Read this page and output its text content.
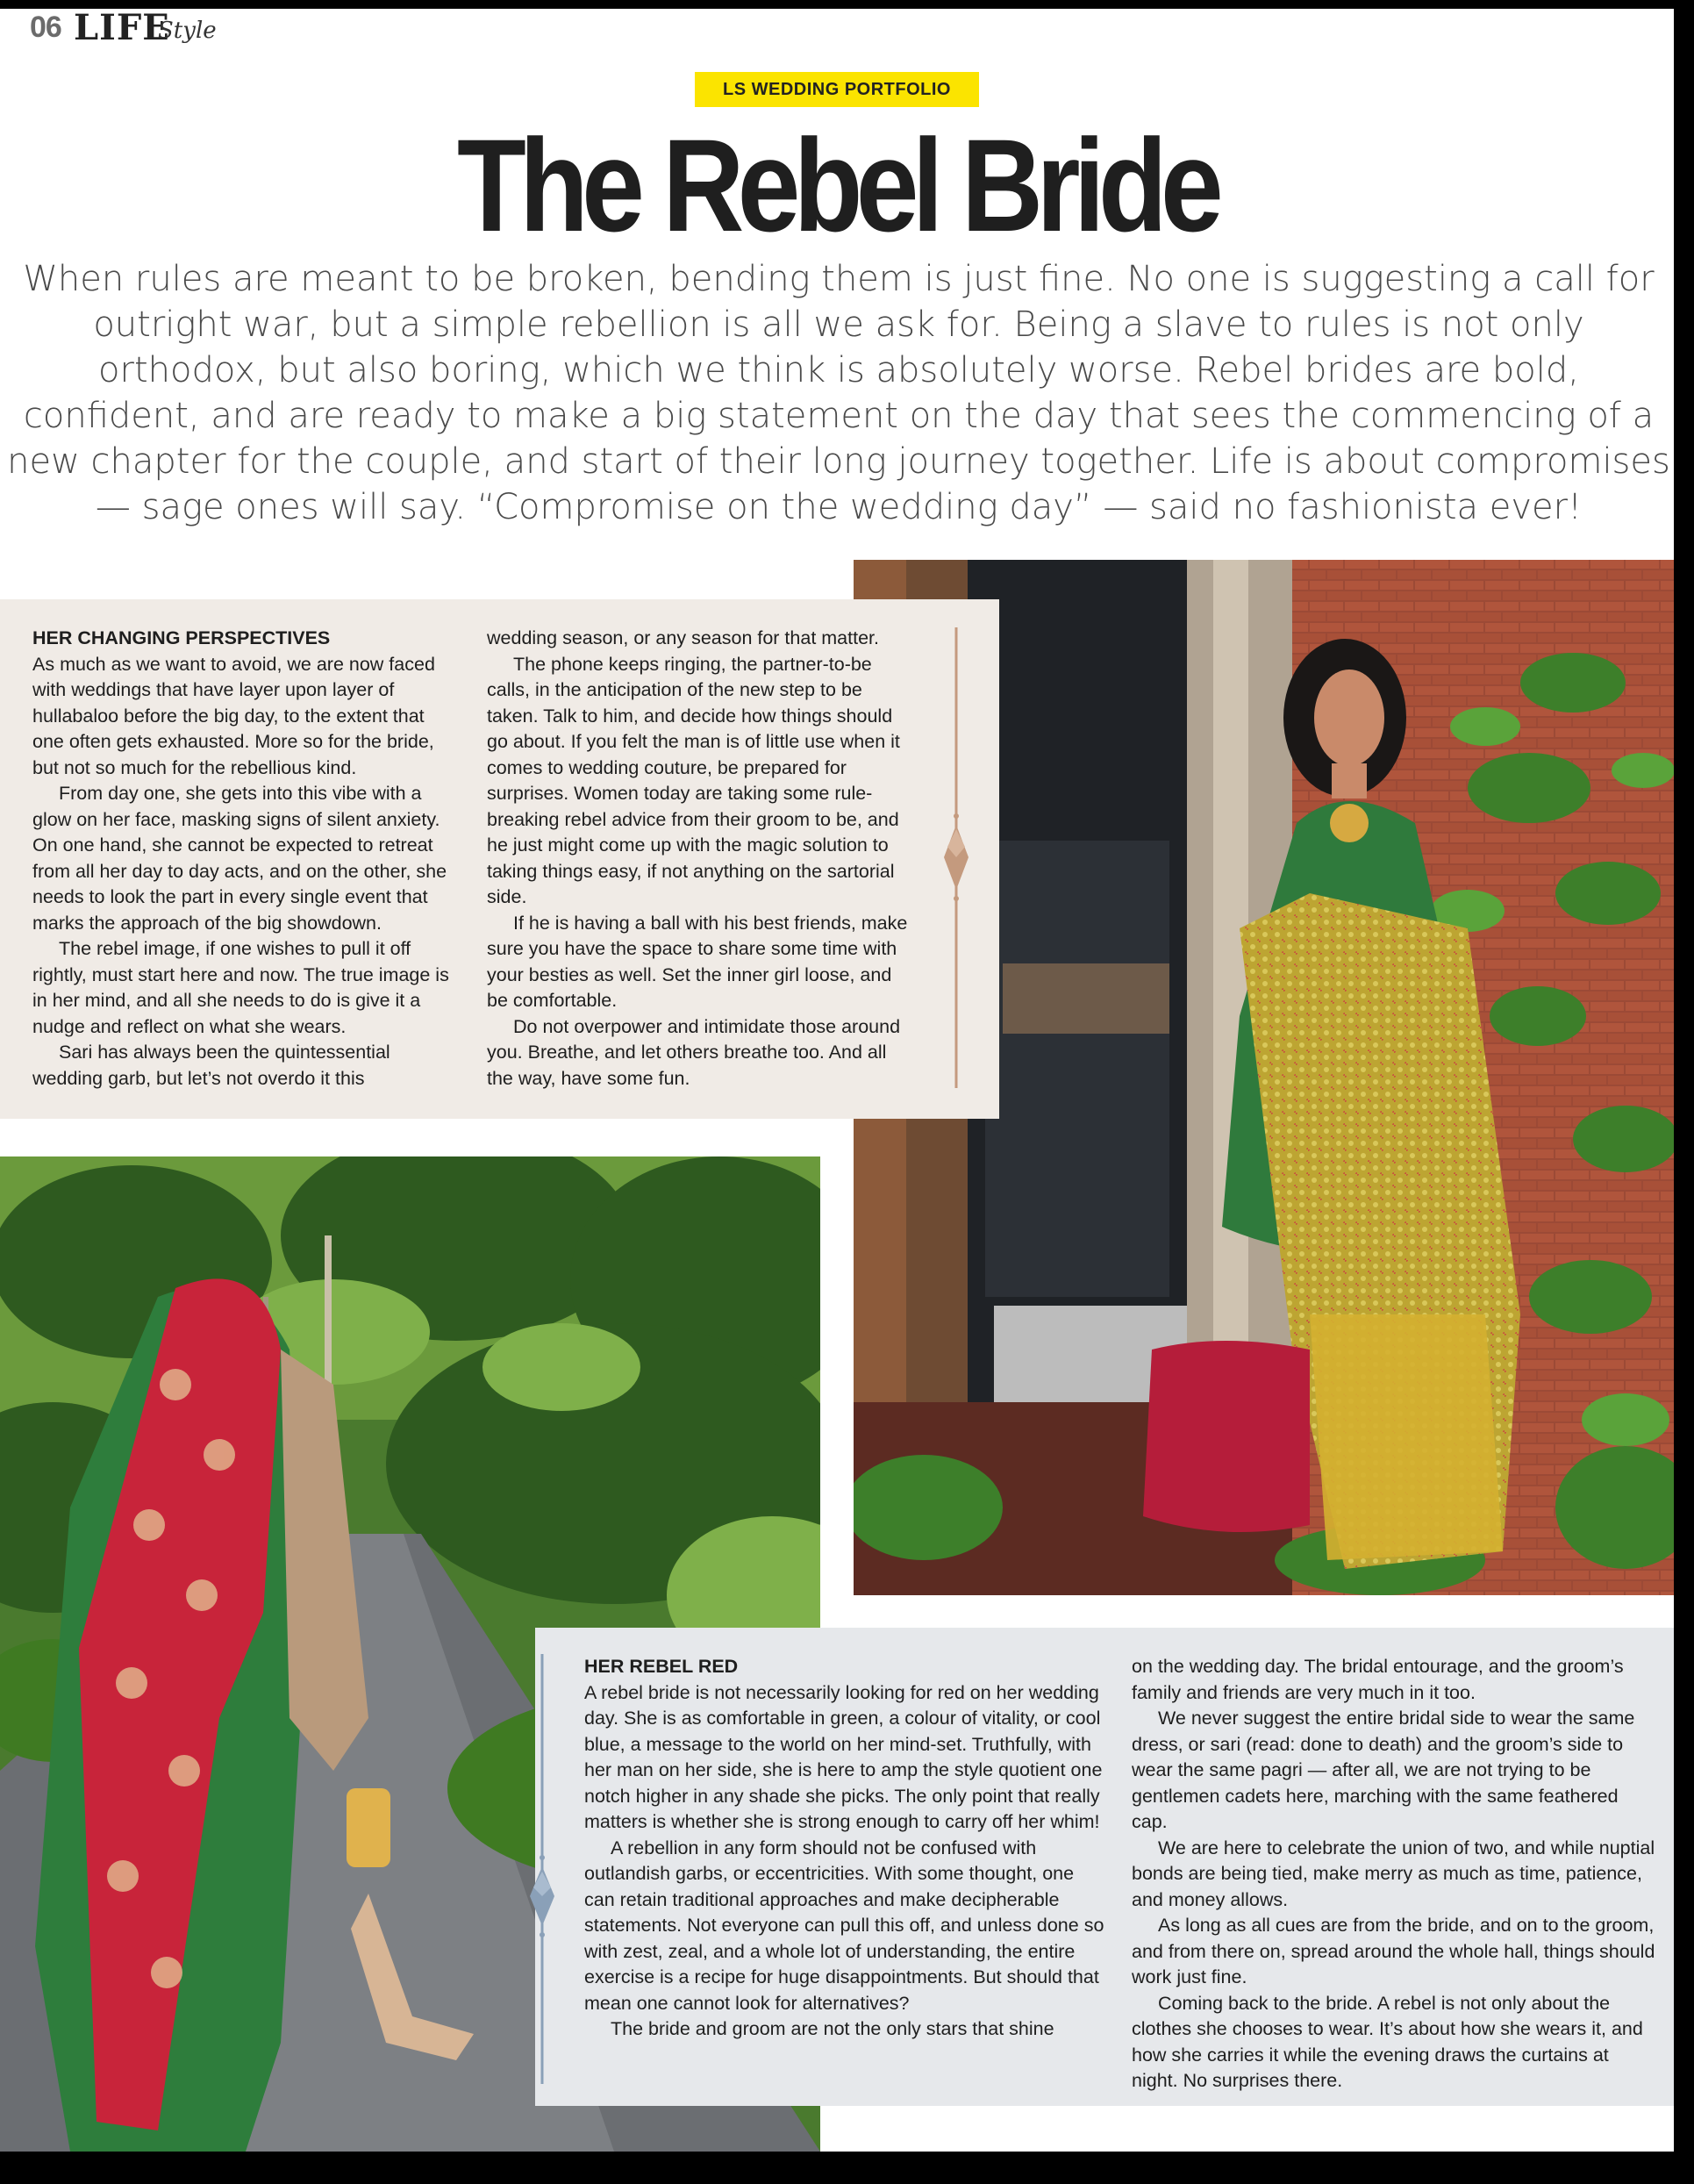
06 LIFE
Style
LS WEDDING PORTFOLIO
The Rebel Bride
When rules are meant to be broken, bending them is just fine. No one is suggesting a call for outright war, but a simple rebellion is all we ask for. Being a slave to rules is not only orthodox, but also boring, which we think is absolutely worse. Rebel brides are bold, confident, and are ready to make a big statement on the day that sees the commencing of a new chapter for the couple, and start of their long journey together. Life is about compromises — sage ones will say. “Compromise on the wedding day” — said no fashionista ever!
HER CHANGING PERSPECTIVES

As much as we want to avoid, we are now faced with weddings that have layer upon layer of hullabaloo before the big day, to the extent that one often gets exhausted. More so for the bride, but not so much for the rebellious kind.

From day one, she gets into this vibe with a glow on her face, masking signs of silent anxiety. On one hand, she cannot be expected to retreat from all her day to day acts, and on the other, she needs to look the part in every single event that marks the approach of the big showdown.

The rebel image, if one wishes to pull it off rightly, must start here and now. The true image is in her mind, and all she needs to do is give it a nudge and reflect on what she wears.

Sari has always been the quintessential wedding garb, but let’s not overdo it this

wedding season, or any season for that matter.

The phone keeps ringing, the partner-to-be calls, in the anticipation of the new step to be taken. Talk to him, and decide how things should go about. If you felt the man is of little use when it comes to wedding couture, be prepared for surprises. Women today are taking some rule-breaking rebel advice from their groom to be, and he just might come up with the magic solution to taking things easy, if not anything on the sartorial side.

If he is having a ball with his best friends, make sure you have the space to share some time with your besties as well. Set the inner girl loose, and be comfortable.

Do not overpower and intimidate those around you. Breathe, and let others breathe too. And all the way, have some fun.

HER REBEL RED

A rebel bride is not necessarily looking for red on her wedding day. She is as comfortable in green, a colour of vitality, or cool blue, a message to the world on her mind-set. Truthfully, with her man on her side, she is here to amp the style quotient one notch higher in any shade she picks. The only point that really matters is whether she is strong enough to carry off her whim!

A rebellion in any form should not be confused with outlandish garbs, or eccentricities. With some thought, one can retain traditional approaches and make decipherable statements. Not everyone can pull this off, and unless done so with zest, zeal, and a whole lot of understanding, the entire exercise is a recipe for huge disappointments. But should that mean one cannot look for alternatives?

The bride and groom are not the only stars that shine

on the wedding day. The bridal entourage, and the groom’s family and friends are very much in it too.

We never suggest the entire bridal side to wear the same dress, or sari (read: done to death) and the groom’s side to wear the same pagri — after all, we are not trying to be gentlemen cadets here, marching with the same feathered cap.

We are here to celebrate the union of two, and while nuptial bonds are being tied, make merry as much as time, patience, and money allows.

As long as all cues are from the bride, and on to the groom, and from there on, spread around the whole hall, things should work just fine.

Coming back to the bride. A rebel is not only about the clothes she chooses to wear. It’s about how she wears it, and how she carries it while the evening draws the curtains at night. No surprises there.
